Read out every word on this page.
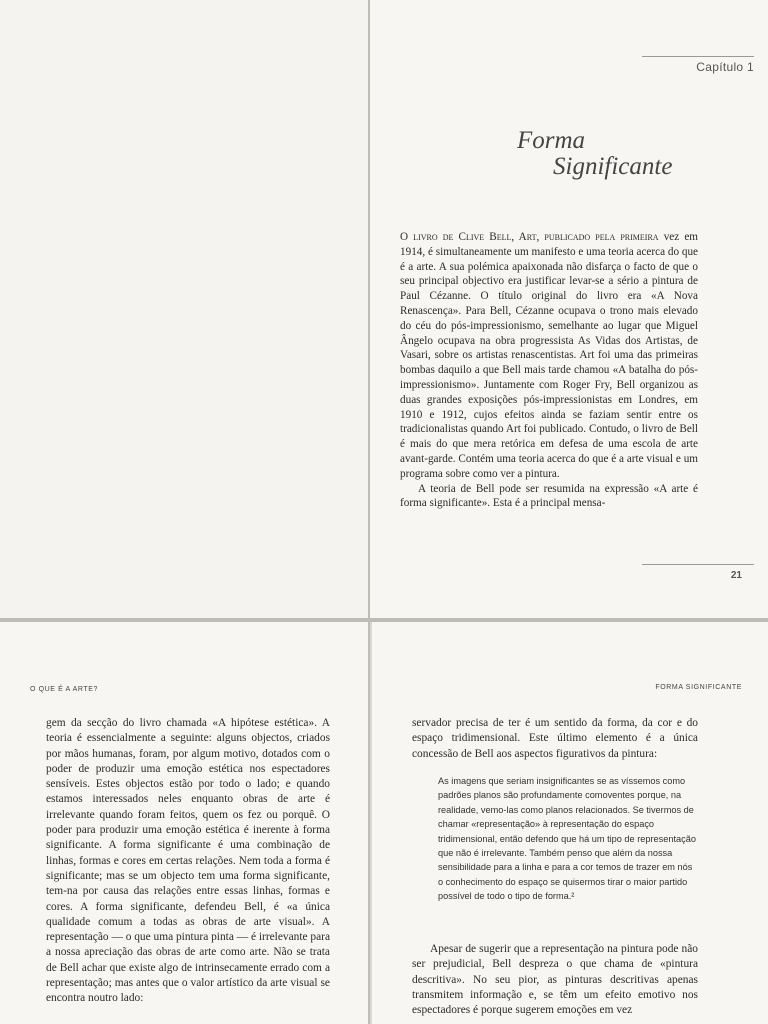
Capítulo 1
Forma
Significante

O livro de Clive Bell, Art, publicado pela primeira vez em 1914, é simultaneamente um manifesto e uma teoria acerca do que é a arte. A sua polémica apaixonada não disfarça o facto de que o seu principal objectivo era justificar levar-se a sério a pintura de Paul Cézanne. O título original do livro era «A Nova Renascença». Para Bell, Cézanne ocupava o trono mais elevado do céu do pós-impressionismo, semelhante ao lugar que Miguel Ângelo ocupava na obra progressista As Vidas dos Artistas, de Vasari, sobre os artistas renascentistas. Art foi uma das primeiras bombas daquilo a que Bell mais tarde chamou «A batalha do pós-impressionismo». Juntamente com Roger Fry, Bell organizou as duas grandes exposições pós-impressionistas em Londres, em 1910 e 1912, cujos efeitos ainda se faziam sentir entre os tradicionalistas quando Art foi publicado. Contudo, o livro de Bell é mais do que mera retórica em defesa de uma escola de arte avant-garde. Contém uma teoria acerca do que é a arte visual e um programa sobre como ver a pintura.

A teoria de Bell pode ser resumida na expressão «A arte é forma significante». Esta é a principal mensa-

21
O QUE É A ARTE?
gem da secção do livro chamada «A hipótese estética». A teoria é essencialmente a seguinte: alguns objectos, criados por mãos humanas, foram, por algum motivo, dotados com o poder de produzir uma emoção estética nos espectadores sensíveis. Estes objectos estão por todo o lado; e quando estamos interessados neles enquanto obras de arte é irrelevante quando foram feitos, quem os fez ou porquê. O poder para produzir uma emoção estética é inerente à forma significante. A forma significante é uma combinação de linhas, formas e cores em certas relações. Nem toda a forma é significante; mas se um objecto tem uma forma significante, tem-na por causa das relações entre essas linhas, formas e cores. A forma significante, defendeu Bell, é «a única qualidade comum a todas as obras de arte visual». A representação — o que uma pintura pinta — é irrelevante para a nossa apreciação das obras de arte como arte. Não se trata de Bell achar que existe algo de intrinsecamente errado com a representação; mas antes que o valor artístico da arte visual se encontra noutro lado:
FORMA SIGNIFICANTE
servador precisa de ter é um sentido da forma, da cor e do espaço tridimensional. Este último elemento é a única concessão de Bell aos aspectos figurativos da pintura:
As imagens que seriam insignificantes se as víssemos como padrões planos são profundamente comoventes porque, na realidade, vemo-las como planos relacionados. Se tivermos de chamar «representação» à representação do espaço tridimensional, então defendo que há um tipo de representação que não é irrelevante. Também penso que além da nossa sensibilidade para a linha e para a cor temos de trazer em nós o conhecimento do espaço se quisermos tirar o maior partido possível de todo o tipo de forma.²

Apesar de sugerir que a representação na pintura pode não ser prejudicial, Bell despreza o que chama de «pintura descritiva». No seu pior, as pinturas descritivas apenas transmitem informação e, se têm um efeito emotivo nos espectadores é porque sugerem emoções em vez
